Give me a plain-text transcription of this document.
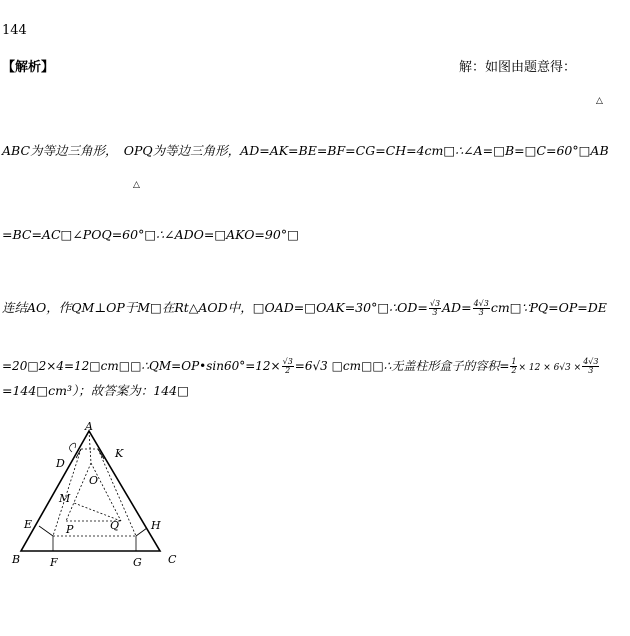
144
【解析】	解：如图由题意得：
△
ABC为等边三角形，　OPQ为等边三角形，AD=AK=BE=BF=CG=CH=4cm□∴∠A=□B=□C=60°□AB
△
=BC=AC□∠POQ=60°□∴∠ADO=□AKO=90°□
连结AO，作QM⊥OP于M□在Rt△AOD中，□OAD=□OAK=30°□∴OD= $\frac{√3}{3} AD= \frac{4√3}{3}$ cm□∵PQ=OP=DE
=20□2×4=12□cm□□∴QM=OP•sin60°=12× $\frac{√3}{2} =6√3$ □cm□□∴无盖柱形盒子的容积= $\frac{1}{2} \times 12 \times 6√3 \times \frac{4√3}{3}$
=144□cm³）；故答案为：144□
A
K
D
O
M
E	P	Q	H
B	F	G C
